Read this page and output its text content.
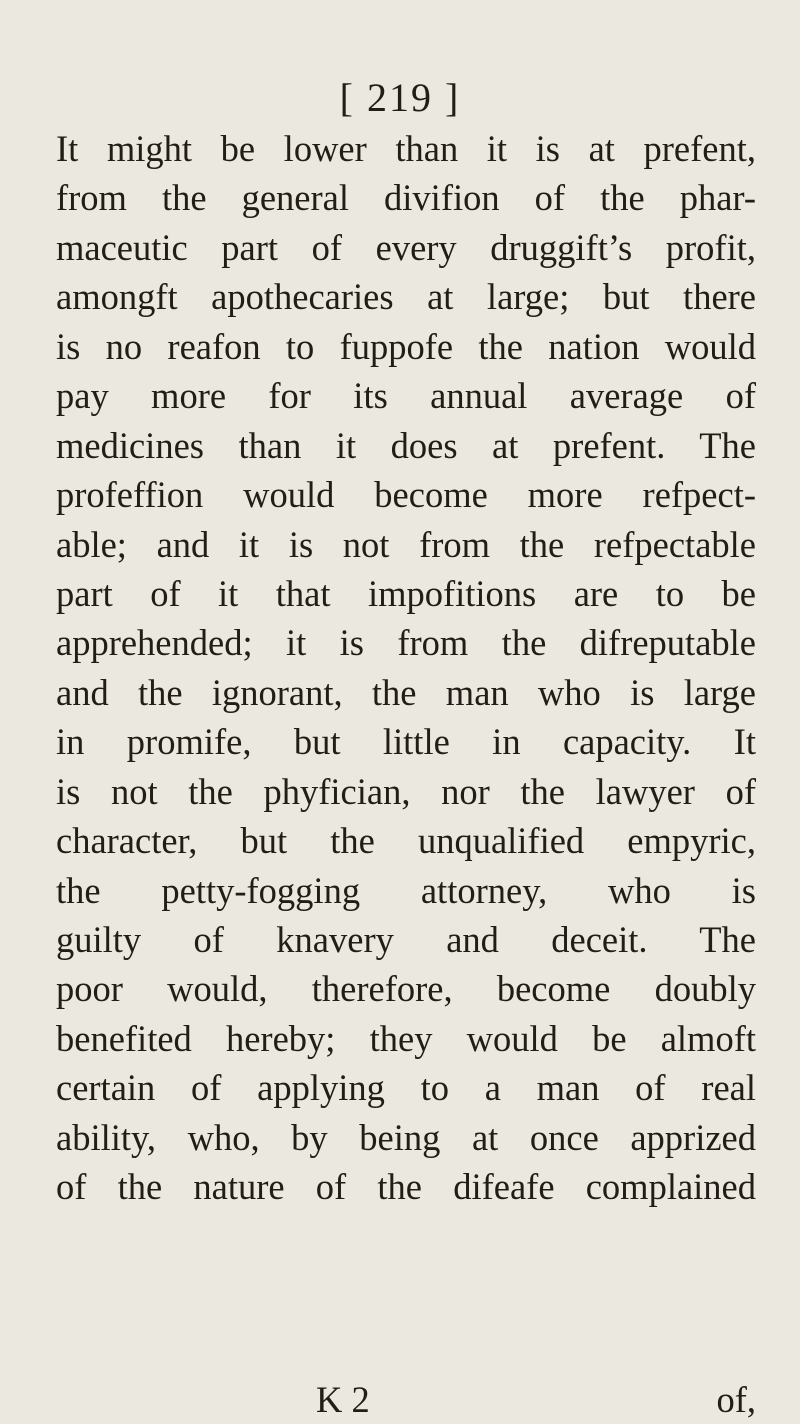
[ 219 ]
It might be lower than it is at prefent,
from the general divifion of the phar-
maceutic part of every druggift’s profit,
amongft apothecaries at large; but there
is no reafon to fuppofe the nation would
pay more for its annual average of
medicines than it does at prefent. The
profeffion would become more refpect-
able; and it is not from the refpectable
part of it that impofitions are to be
apprehended; it is from the difreputable
and the ignorant, the man who is large
in promife, but little in capacity. It
is not the phyfician, nor the lawyer of
character, but the unqualified empyric,
the petty-fogging attorney, who is
guilty of knavery and deceit. The
poor would, therefore, become doubly
benefited hereby; they would be almoft
certain of applying to a man of real
ability, who, by being at once apprized
of the nature of the difeafe complained
K 2	of,
